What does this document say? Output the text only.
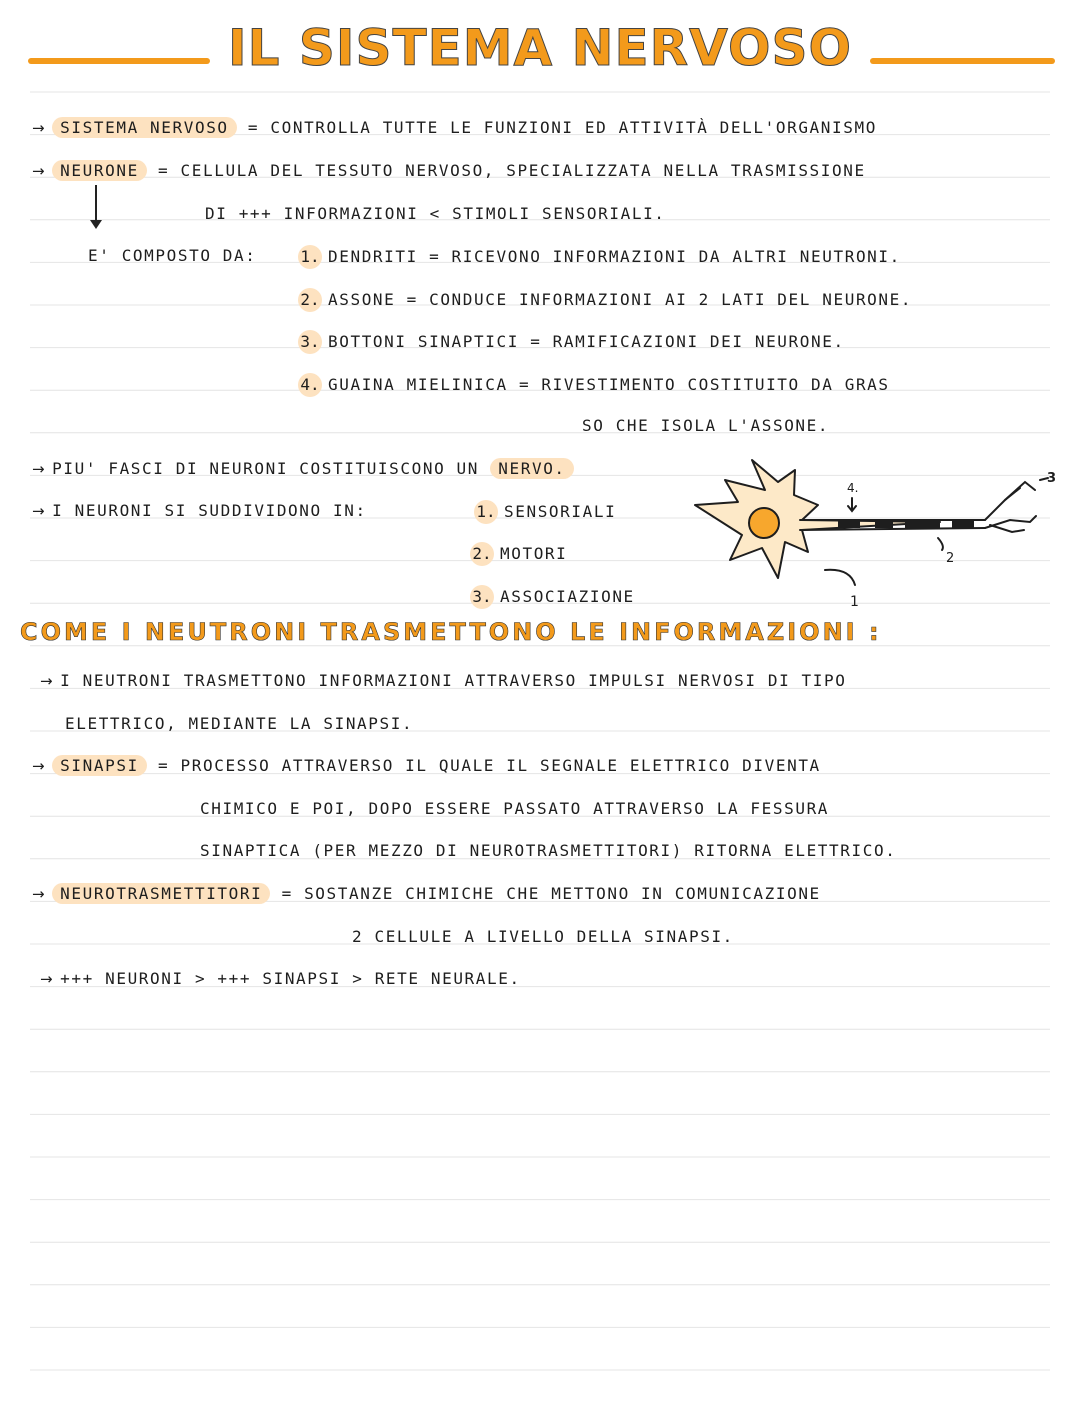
IL SISTEMA NERVOSO
→ SISTEMA NERVOSO = CONTROLLA TUTTE LE FUNZIONI ED ATTIVITÀ DELL'ORGANISMO
→ NEURONE = CELLULA DEL TESSUTO NERVOSO, SPECIALIZZATA NELLA TRASMISSIONE
DI +++ INFORMAZIONI < STIMOLI SENSORIALI.
E' COMPOSTO DA:	1. DENDRITI = RICEVONO INFORMAZIONI DA ALTRI NEUTRONI.
2. ASSONE = CONDUCE INFORMAZIONI AI 2 LATI DEL NEURONE.
3. BOTTONI SINAPTICI = RAMIFICAZIONI DEI NEURONE.
4. GUAINA MIELINICA = RIVESTIMENTO COSTITUITO DA GRAS
SO CHE ISOLA L'ASSONE.
→ PIU' FASCI DI NEURONI COSTITUISCONO UN NERVO.
→ I NEURONI SI SUDDIVIDONO IN:	1. SENSORIALI
2. MOTORI
3. ASSOCIAZIONE
4.
2
1
3
COME I NEUTRONI TRASMETTONO LE INFORMAZIONI :
→ I NEUTRONI TRASMETTONO INFORMAZIONI ATTRAVERSO IMPULSI NERVOSI DI TIPO
ELETTRICO, MEDIANTE LA SINAPSI.
→ SINAPSI = PROCESSO ATTRAVERSO IL QUALE IL SEGNALE ELETTRICO DIVENTA
CHIMICO E POI, DOPO ESSERE PASSATO ATTRAVERSO LA FESSURA
SINAPTICA (PER MEZZO DI NEUROTRASMETTITORI) RITORNA ELETTRICO.
→ NEUROTRASMETTITORI = SOSTANZE CHIMICHE CHE METTONO IN COMUNICAZIONE
2 CELLULE A LIVELLO DELLA SINAPSI.
→ +++ NEURONI > +++ SINAPSI > RETE NEURALE.
